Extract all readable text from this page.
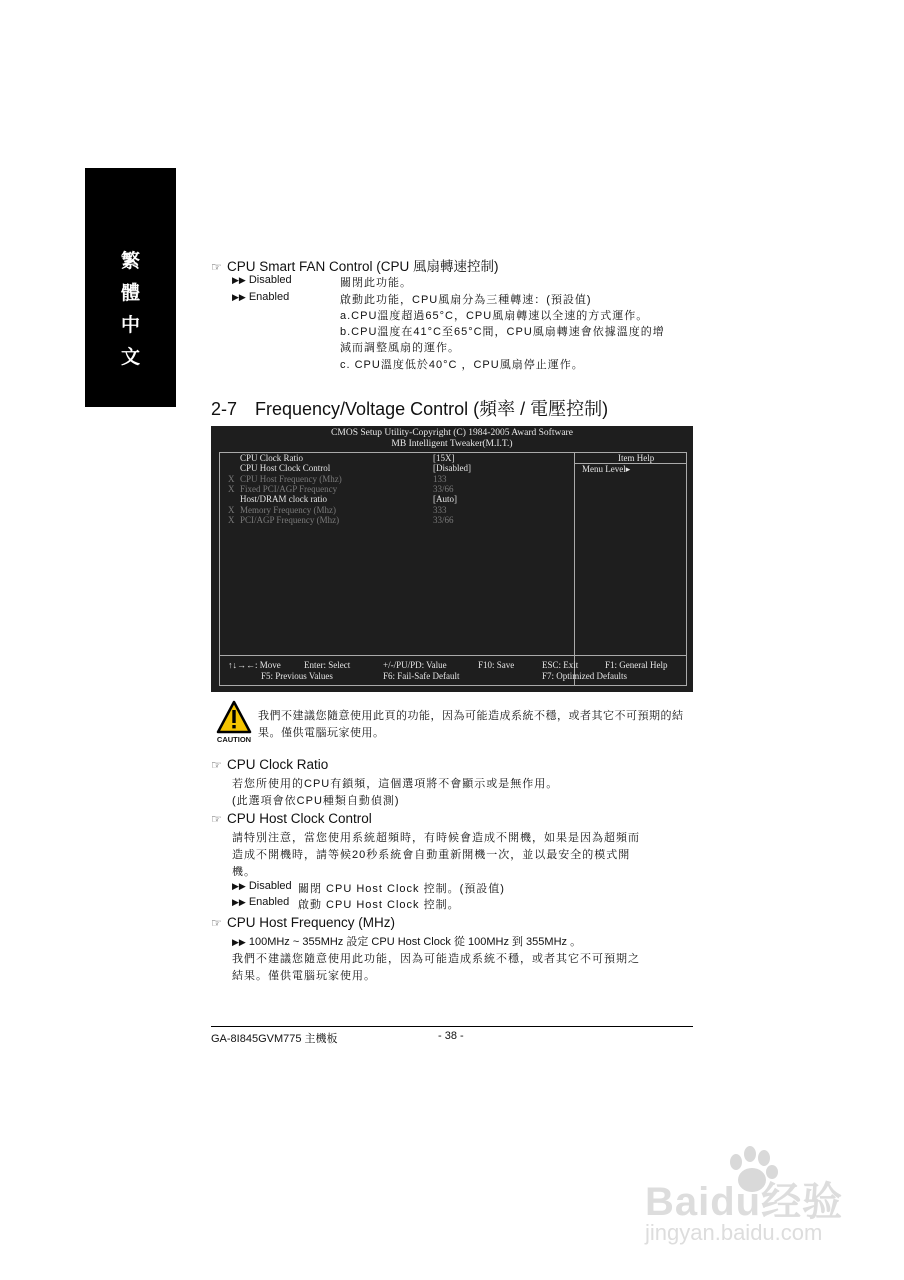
繁
體
中
文
☞ CPU Smart FAN Control (CPU 風扇轉速控制)
▶▶ Disabled	關閉此功能。
▶▶ Enabled	啟動此功能，CPU風扇分為三種轉速：(預設值)
a.CPU溫度超過65°C，CPU風扇轉速以全速的方式運作。
b.CPU溫度在41°C至65°C間，CPU風扇轉速會依據溫度的增
減而調整風扇的運作。
c. CPU溫度低於40°C ，CPU風扇停止運作。
2-7 Frequency/Voltage Control (頻率 / 電壓控制)
CMOS Setup Utility-Copyright (C) 1984-2005 Award Software
MB Intelligent Tweaker(M.I.T.)
Item Help
Menu Level▸
CPU Clock Ratio	[15X]
CPU Host Clock Control	[Disabled]
X CPU Host Frequency (Mhz)	133
X Fixed PCI/AGP Frequency	33/66
Host/DRAM clock ratio	[Auto]
X Memory Frequency (Mhz)	333
X PCI/AGP Frequency (Mhz)	33/66
↑↓→←: Move	Enter: Select	+/-/PU/PD: Value	F10: Save	ESC: Exit	F1: General Help
F5: Previous Values	F6: Fail-Safe Default	F7: Optimized Defaults
CAUTION
我們不建議您隨意使用此頁的功能，因為可能造成系統不穩，或者其它不可預期的結果。僅供電腦玩家使用。
☞ CPU Clock Ratio
若您所使用的CPU有鎖頻，這個選項將不會顯示或是無作用。
(此選項會依CPU種類自動偵測)
☞ CPU Host Clock Control
請特別注意，當您使用系統超頻時，有時候會造成不開機，如果是因為超頻而
造成不開機時，請等候20秒系統會自動重新開機一次，並以最安全的模式開
機。
▶▶ Disabled 關閉 CPU Host Clock 控制。(預設值)
▶▶ Enabled 啟動 CPU Host Clock 控制。
☞ CPU Host Frequency (MHz)
▶▶ 100MHz ~ 355MHz 設定 CPU Host Clock 從 100MHz 到 355MHz 。
我們不建議您隨意使用此功能，因為可能造成系統不穩，或者其它不可預期之
結果。僅供電腦玩家使用。
GA-8I845GVM775 主機板	- 38 -
Baidu经验
jingyan.baidu.com
